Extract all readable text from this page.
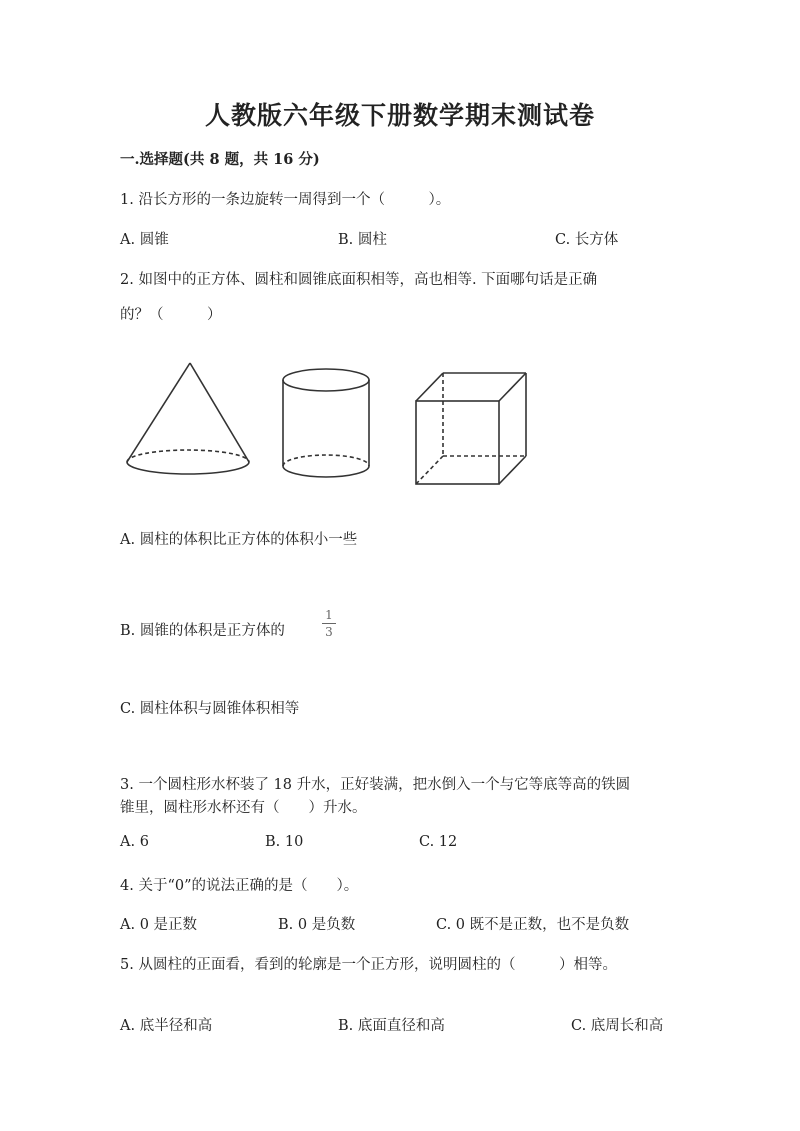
人教版六年级下册数学期末测试卷
一.选择题(共 8 题，共 16 分)
1. 沿长方形的一条边旋转一周得到一个（　　　）。
A. 圆锥	B. 圆柱	C. 长方体
2. 如图中的正方体、圆柱和圆锥底面积相等，高也相等. 下面哪句话是正确
的？（　　　）
A. 圆柱的体积比正方体的体积小一些
B. 圆锥的体积是正方体的
1
3
C. 圆柱体积与圆锥体积相等
3. 一个圆柱形水杯装了 18 升水，正好装满，把水倒入一个与它等底等高的铁圆
锥里，圆柱形水杯还有（　　）升水。
A. 6	B. 10	C. 12
4. 关于“0”的说法正确的是（　　）。
A. 0 是正数	B. 0 是负数	C. 0 既不是正数，也不是负数
5. 从圆柱的正面看，看到的轮廓是一个正方形，说明圆柱的（　　　）相等。
A. 底半径和高	B. 底面直径和高	C. 底周长和高
